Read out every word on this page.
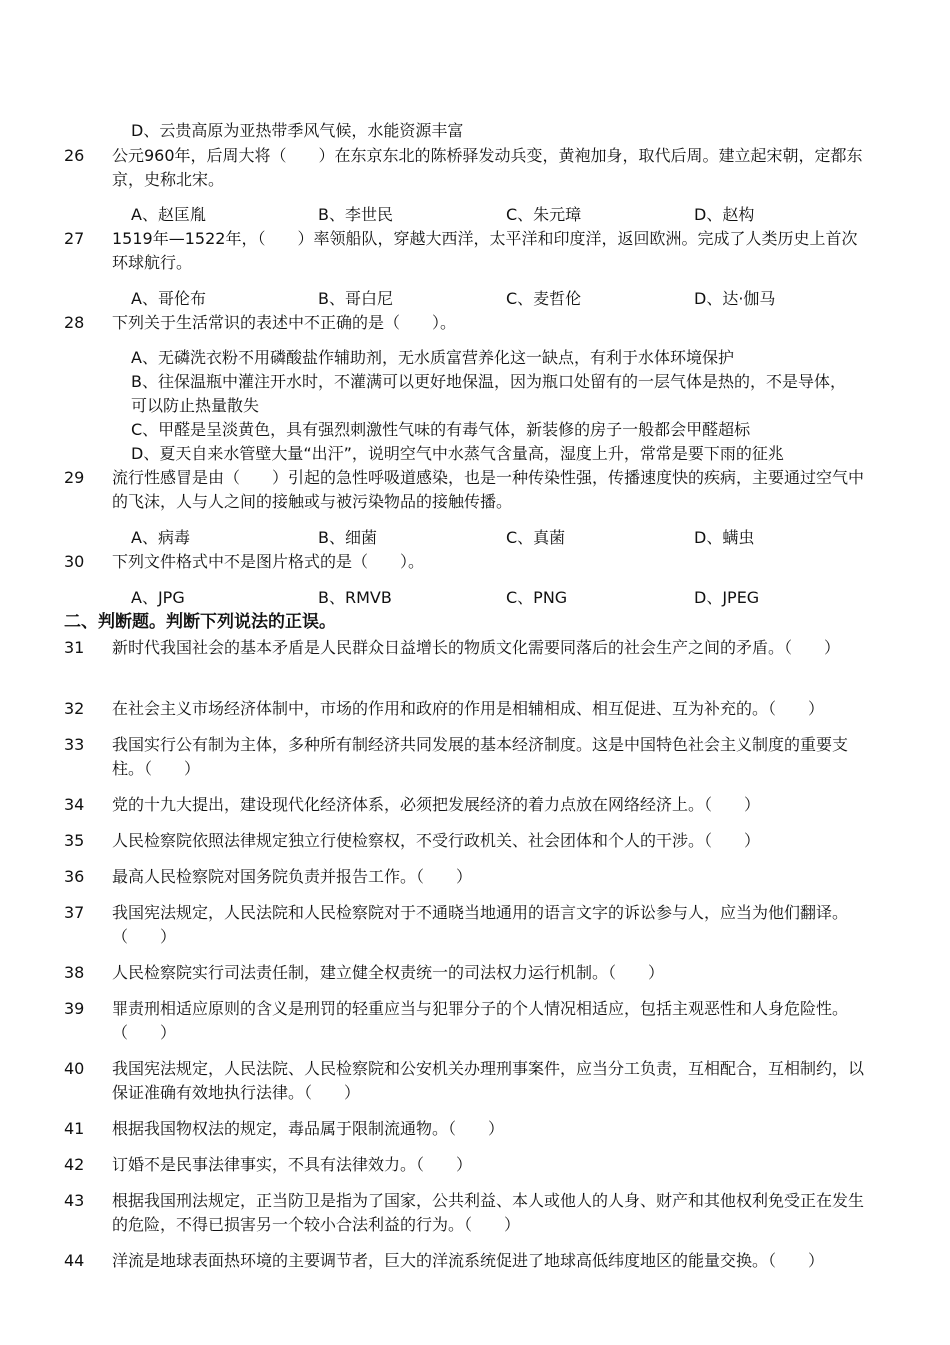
D、云贵高原为亚热带季风气候，水能资源丰富
26	公元960年，后周大将（　　）在东京东北的陈桥驿发动兵变，黄袍加身，取代后周。建立起宋朝，定都东京，史称北宋。
A、赵匡胤	B、李世民	C、朱元璋	D、赵构
27	1519年—1522年，（　　）率领船队，穿越大西洋，太平洋和印度洋，返回欧洲。完成了人类历史上首次环球航行。
A、哥伦布	B、哥白尼	C、麦哲伦	D、达·伽马
28	下列关于生活常识的表述中不正确的是（　　）。
A、无磷洗衣粉不用磷酸盐作辅助剂，无水质富营养化这一缺点，有利于水体环境保护
B、往保温瓶中灌注开水时，不灌满可以更好地保温，因为瓶口处留有的一层气体是热的，不是导体，可以防止热量散失
C、甲醛是呈淡黄色，具有强烈刺激性气味的有毒气体，新装修的房子一般都会甲醛超标
D、夏天自来水管壁大量“出汗”，说明空气中水蒸气含量高，湿度上升，常常是要下雨的征兆
29	流行性感冒是由（　　）引起的急性呼吸道感染，也是一种传染性强，传播速度快的疾病，主要通过空气中的飞沫，人与人之间的接触或与被污染物品的接触传播。
A、病毒	B、细菌	C、真菌	D、螨虫
30	下列文件格式中不是图片格式的是（　　）。
A、JPG	B、RMVB	C、PNG	D、JPEG
二、判断题。判断下列说法的正误。
31	新时代我国社会的基本矛盾是人民群众日益增长的物质文化需要同落后的社会生产之间的矛盾。（　　）
32	在社会主义市场经济体制中，市场的作用和政府的作用是相辅相成、相互促进、互为补充的。（　　）
33	我国实行公有制为主体，多种所有制经济共同发展的基本经济制度。这是中国特色社会主义制度的重要支柱。（　　）
34	党的十九大提出，建设现代化经济体系，必须把发展经济的着力点放在网络经济上。（　　）
35	人民检察院依照法律规定独立行使检察权，不受行政机关、社会团体和个人的干涉。（　　）
36	最高人民检察院对国务院负责并报告工作。（　　）
37	我国宪法规定，人民法院和人民检察院对于不通晓当地通用的语言文字的诉讼参与人，应当为他们翻译。（　　）
38	人民检察院实行司法责任制，建立健全权责统一的司法权力运行机制。（　　）
39	罪责刑相适应原则的含义是刑罚的轻重应当与犯罪分子的个人情况相适应，包括主观恶性和人身危险性。（　　）
40	我国宪法规定，人民法院、人民检察院和公安机关办理刑事案件，应当分工负责，互相配合，互相制约，以保证准确有效地执行法律。（　　）
41	根据我国物权法的规定，毒品属于限制流通物。（　　）
42	订婚不是民事法律事实，不具有法律效力。（　　）
43	根据我国刑法规定，正当防卫是指为了国家，公共利益、本人或他人的人身、财产和其他权利免受正在发生的危险，不得已损害另一个较小合法利益的行为。（　　）
44	洋流是地球表面热环境的主要调节者，巨大的洋流系统促进了地球高低纬度地区的能量交换。（　　）
